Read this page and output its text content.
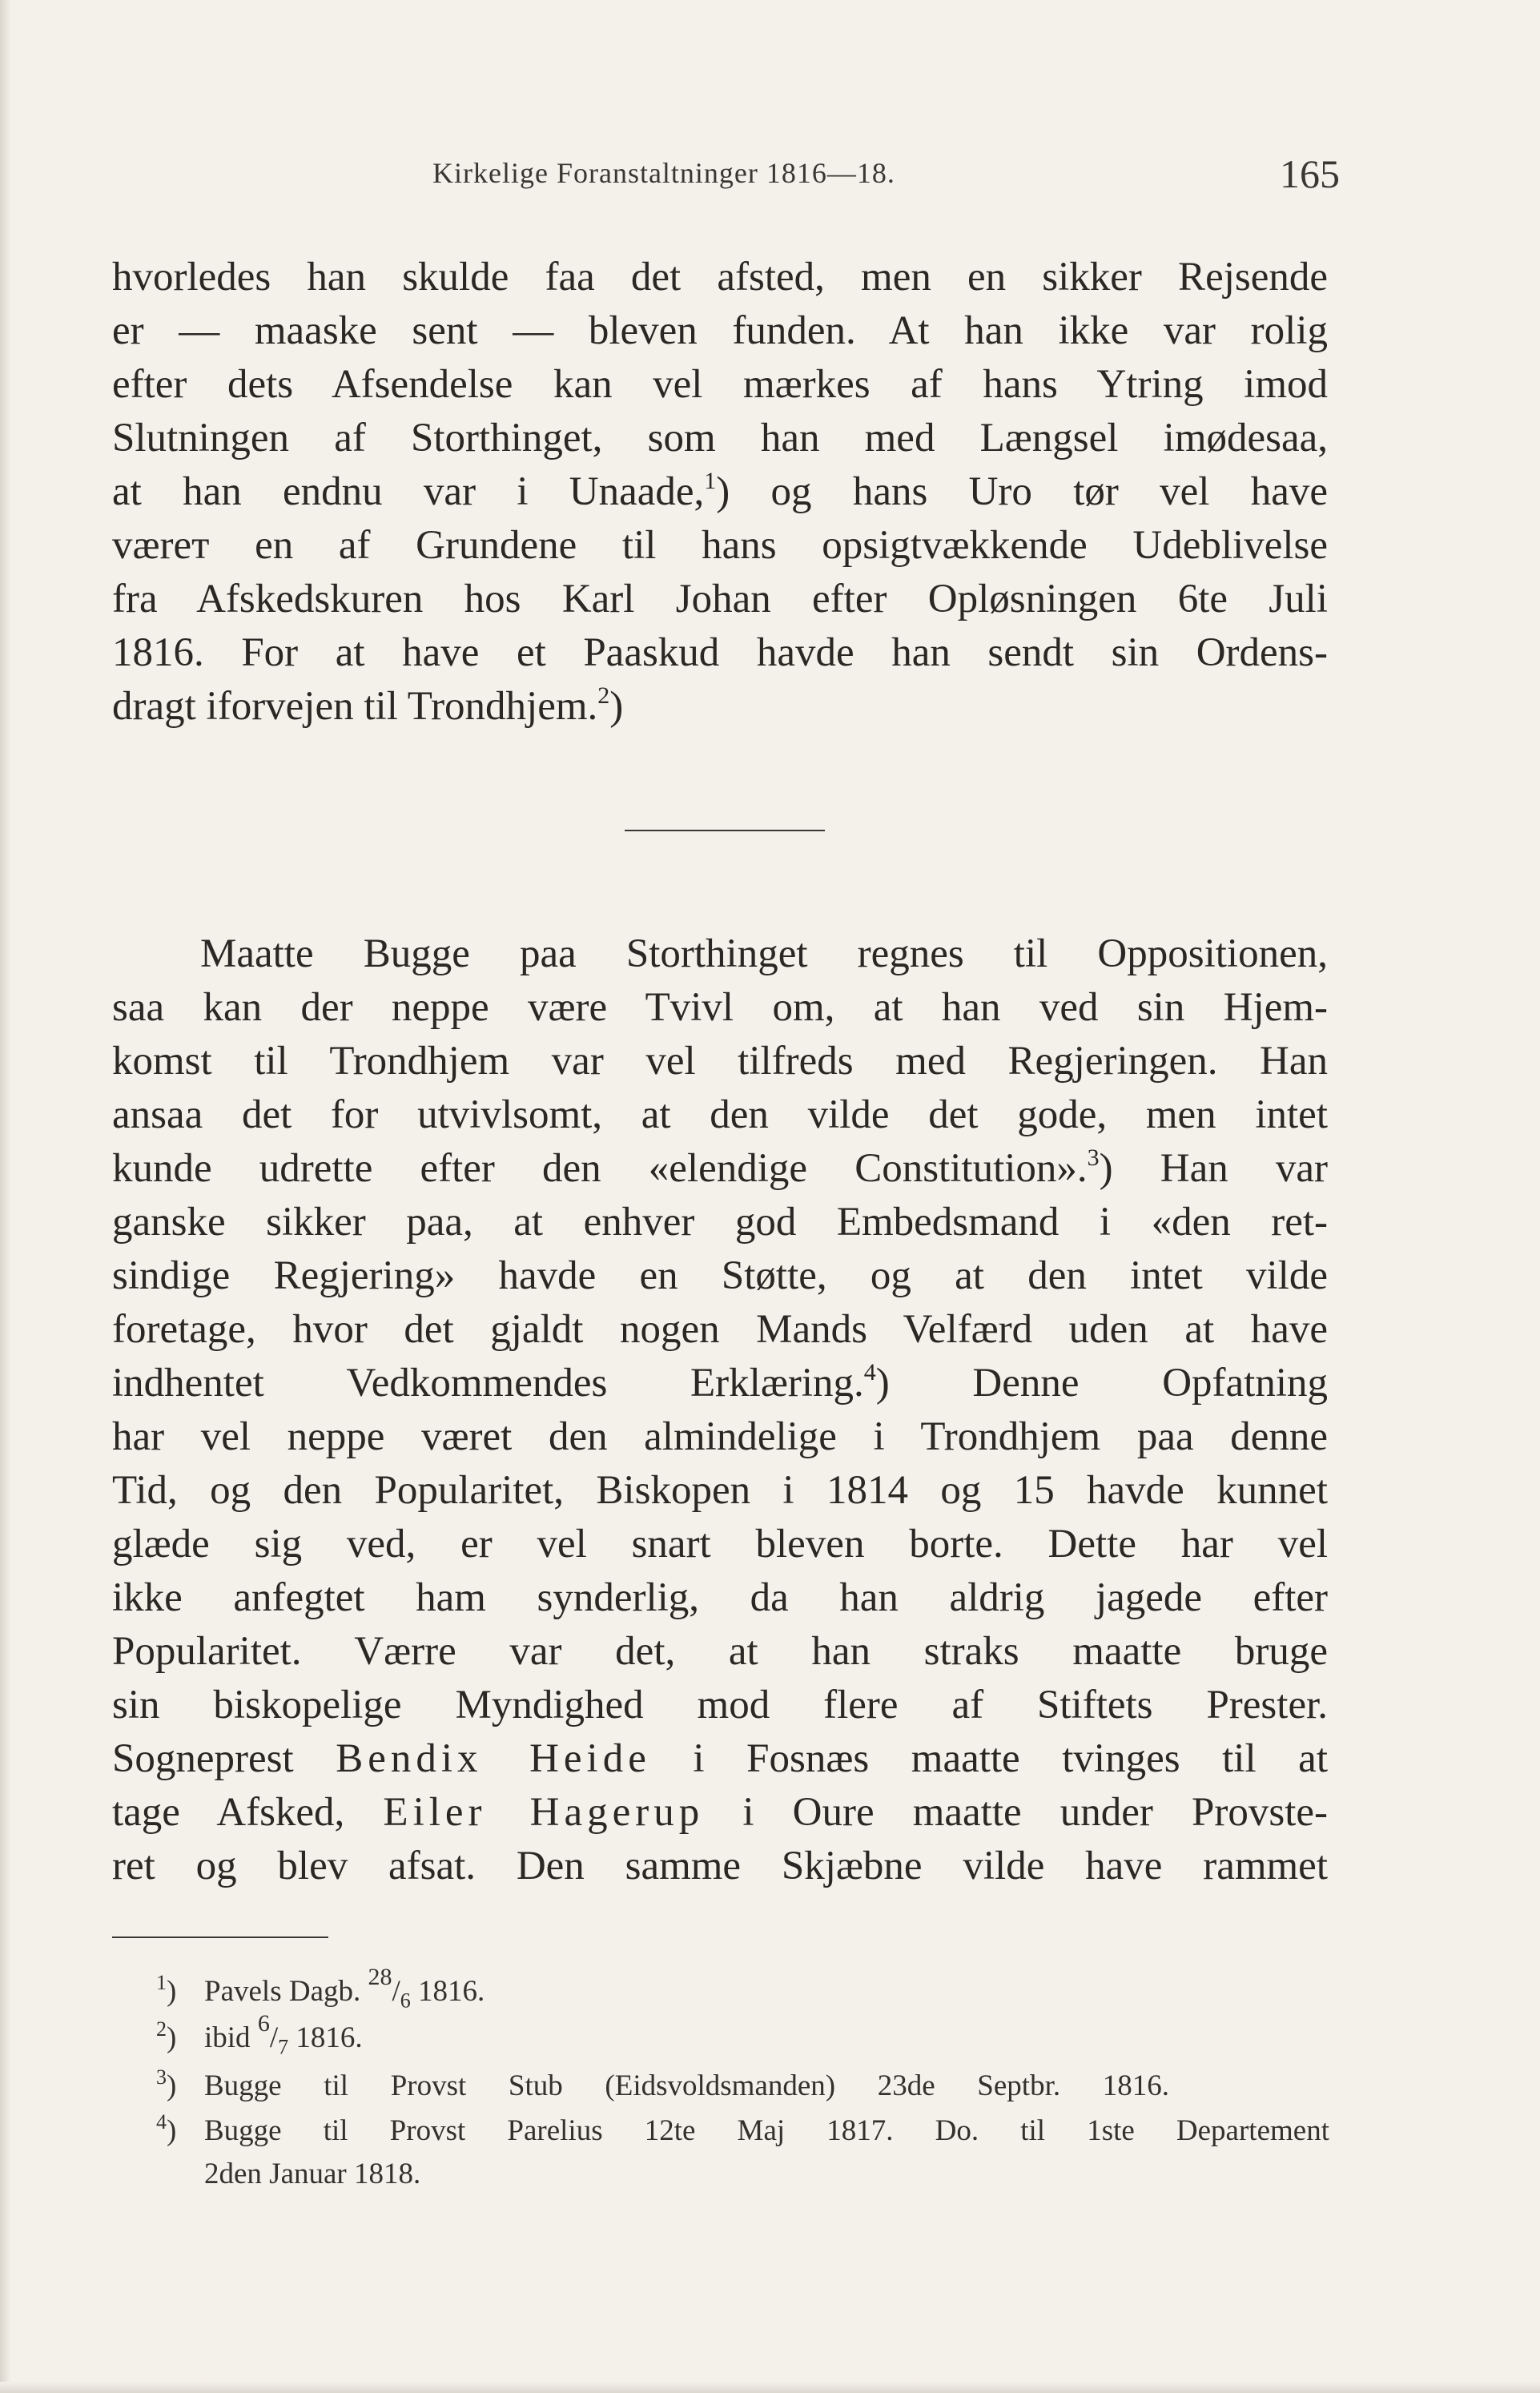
Kirkelige Foranstaltninger 1816—18.	165
hvorledes han skulde faa det afsted, men en sikker Rejsende
er — maaske sent — bleven funden. At han ikke var rolig
efter dets Afsendelse kan vel mærkes af hans Ytring imod
Slutningen af Storthinget, som han med Længsel imødesaa,
at han endnu var i Unaade,$^1$) og hans Uro tør vel have
værет en af Grundene til hans opsigtvækkende Udeblivelse
fra Afskedskuren hos Karl Johan efter Opløsningen 6te Juli
1816. For at have et Paaskud havde han sendt sin Ordens-
dragt iforvejen til Trondhjem.$^2$)
Maatte Bugge paa Storthinget regnes til Oppositionen,
saa kan der neppe være Tvivl om, at han ved sin Hjem-
komst til Trondhjem var vel tilfreds med Regjeringen. Han
ansaa det for utvivlsomt, at den vilde det gode, men intet
kunde udrette efter den «elendige Constitution».$^3$) Han var
ganske sikker paa, at enhver god Embedsmand i «den ret-
sindige Regjering» havde en Støtte, og at den intet vilde
foretage, hvor det gjaldt nogen Mands Velfærd uden at have
indhentet Vedkommendes Erklæring.$^4$) Denne Opfatning
har vel neppe været den almindelige i Trondhjem paa denne
Tid, og den Popularitet, Biskopen i 1814 og 15 havde kunnet
glæde sig ved, er vel snart bleven borte. Dette har vel
ikke anfegtet ham synderlig, da han aldrig jagede efter
Popularitet. Værre var det, at han straks maatte bruge
sin biskopelige Myndighed mod flere af Stiftets Prester.
Sogneprest Bendix Heide i Fosnæs maatte tvinges til at
tage Afsked, Eiler Hagerup i Oure maatte under Provste-
ret og blev afsat. Den samme Skjæbne vilde have rammet
$^1$) Pavels Dagb. $^{28}/_6$ 1816.
$^2$) ibid $^6/_7$ 1816.
$^3$) Bugge til Provst Stub (Eidsvoldsmanden) 23de Septbr. 1816.
$^4$) Bugge til Provst Parelius 12te Maj 1817. Do. til 1ste Departement
2den Januar 1818.
